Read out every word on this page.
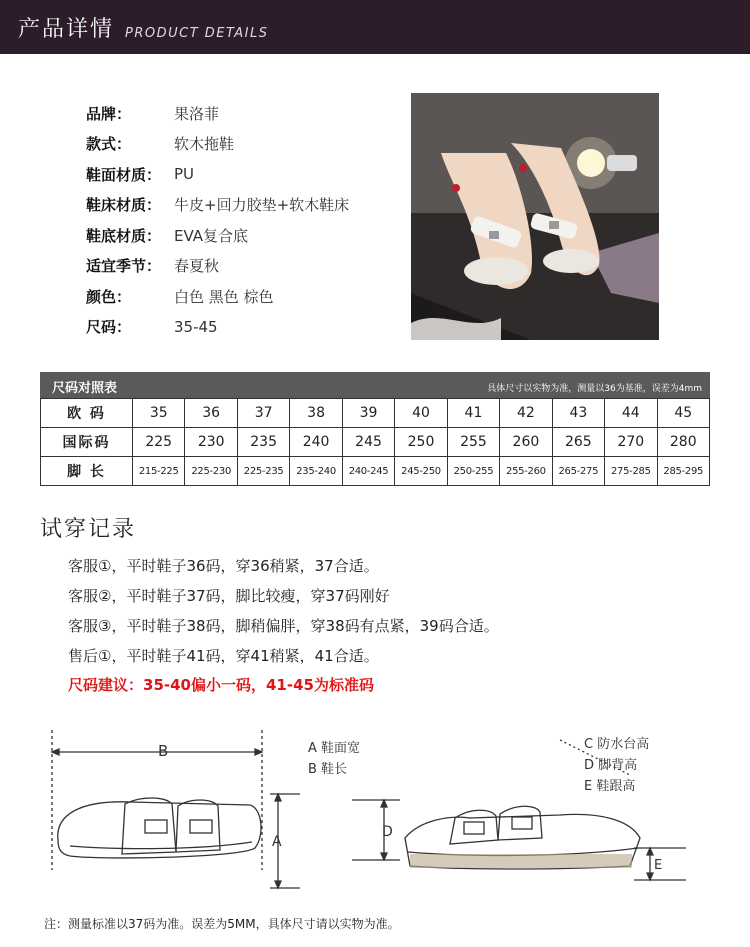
产品详情 PRODUCT DETAILS
品牌：	果洛菲
款式：	软木拖鞋
鞋面材质： PU
鞋床材质： 牛皮+回力胶垫+软木鞋床
鞋底材质： EVA复合底
适宜季节： 春夏秋
颜色：	白色 黑色 棕色
尺码：	35-45
尺码对照表	具体尺寸以实物为准，测量以36为基准，误差为4mm
欧 码	35	36	37	38	39	40	41	42	43	44	45
国际码	225	230	235	240	245	250	255	260	265	270	280
脚 长	215-225	225-230	225-235	235-240	240-245	245-250	250-255	255-260	265-275	275-285	285-295
试穿记录
客服①，平时鞋子36码，穿36稍紧，37合适。
客服②，平时鞋子37码，脚比较瘦，穿37码刚好
客服③，平时鞋子38码，脚稍偏胖，穿38码有点紧，39码合适。
售后①，平时鞋子41码，穿41稍紧，41合适。
尺码建议：35-40偏小一码，41-45为标准码
B
A
D
E
A 鞋面宽
B 鞋长
C 防水台高
D 脚背高
E 鞋跟高
注：测量标准以37码为准。误差为5MM，具体尺寸请以实物为准。
